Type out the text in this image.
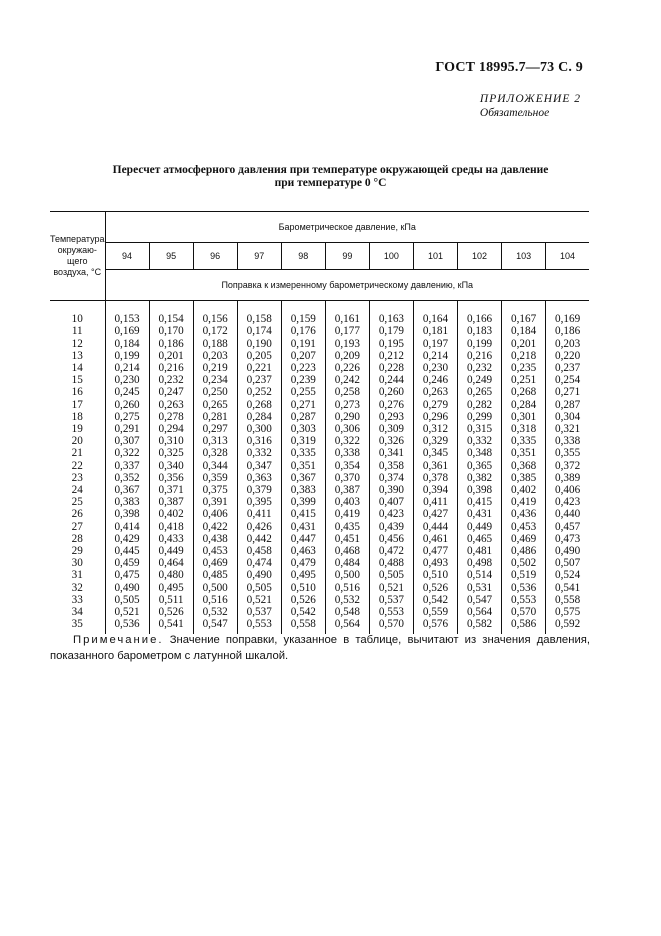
ГОСТ 18995.7—73 С. 9
ПРИЛОЖЕНИЕ 2
Обязательное
Пересчет атмосферного давления при температуре окружающей среды на давление
при температуре 0 °С
Температура
окружаю-
щего
воздуха, °С	Барометрическое давление, кПа										
	94	95	96	97	98	99	100	101	102	103	104
	Поправка к измеренному барометрическому давлению, кПа										

10	0,153	0,154	0,156	0,158	0,159	0,161	0,163	0,164	0,166	0,167	0,169
11	0,169	0,170	0,172	0,174	0,176	0,177	0,179	0,181	0,183	0,184	0,186
12	0,184	0,186	0,188	0,190	0,191	0,193	0,195	0,197	0,199	0,201	0,203
13	0,199	0,201	0,203	0,205	0,207	0,209	0,212	0,214	0,216	0,218	0,220
14	0,214	0,216	0,219	0,221	0,223	0,226	0,228	0,230	0,232	0,235	0,237
15	0,230	0,232	0,234	0,237	0,239	0,242	0,244	0,246	0,249	0,251	0,254
16	0,245	0,247	0,250	0,252	0,255	0,258	0,260	0,263	0,265	0,268	0,271
17	0,260	0,263	0,265	0,268	0,271	0,273	0,276	0,279	0,282	0,284	0,287
18	0,275	0,278	0,281	0,284	0,287	0,290	0,293	0,296	0,299	0,301	0,304
19	0,291	0,294	0,297	0,300	0,303	0,306	0,309	0,312	0,315	0,318	0,321
20	0,307	0,310	0,313	0,316	0,319	0,322	0,326	0,329	0,332	0,335	0,338
21	0,322	0,325	0,328	0,332	0,335	0,338	0,341	0,345	0,348	0,351	0,355
22	0,337	0,340	0,344	0,347	0,351	0,354	0,358	0,361	0,365	0,368	0,372
23	0,352	0,356	0,359	0,363	0,367	0,370	0,374	0,378	0,382	0,385	0,389
24	0,367	0,371	0,375	0,379	0,383	0,387	0,390	0,394	0,398	0,402	0,406
25	0,383	0,387	0,391	0,395	0,399	0,403	0,407	0,411	0,415	0,419	0,423
26	0,398	0,402	0,406	0,411	0,415	0,419	0,423	0,427	0,431	0,436	0,440
27	0,414	0,418	0,422	0,426	0,431	0,435	0,439	0,444	0,449	0,453	0,457
28	0,429	0,433	0,438	0,442	0,447	0,451	0,456	0,461	0,465	0,469	0,473
29	0,445	0,449	0,453	0,458	0,463	0,468	0,472	0,477	0,481	0,486	0,490
30	0,459	0,464	0,469	0,474	0,479	0,484	0,488	0,493	0,498	0,502	0,507
31	0,475	0,480	0,485	0,490	0,495	0,500	0,505	0,510	0,514	0,519	0,524
32	0,490	0,495	0,500	0,505	0,510	0,516	0,521	0,526	0,531	0,536	0,541
33	0,505	0,511	0,516	0,521	0,526	0,532	0,537	0,542	0,547	0,553	0,558
34	0,521	0,526	0,532	0,537	0,542	0,548	0,553	0,559	0,564	0,570	0,575
35	0,536	0,541	0,547	0,553	0,558	0,564	0,570	0,576	0,582	0,586	0,592

Примечание. Значение поправки, указанное в таблице, вычитают из значения давления, показанного барометром с латунной шкалой.
